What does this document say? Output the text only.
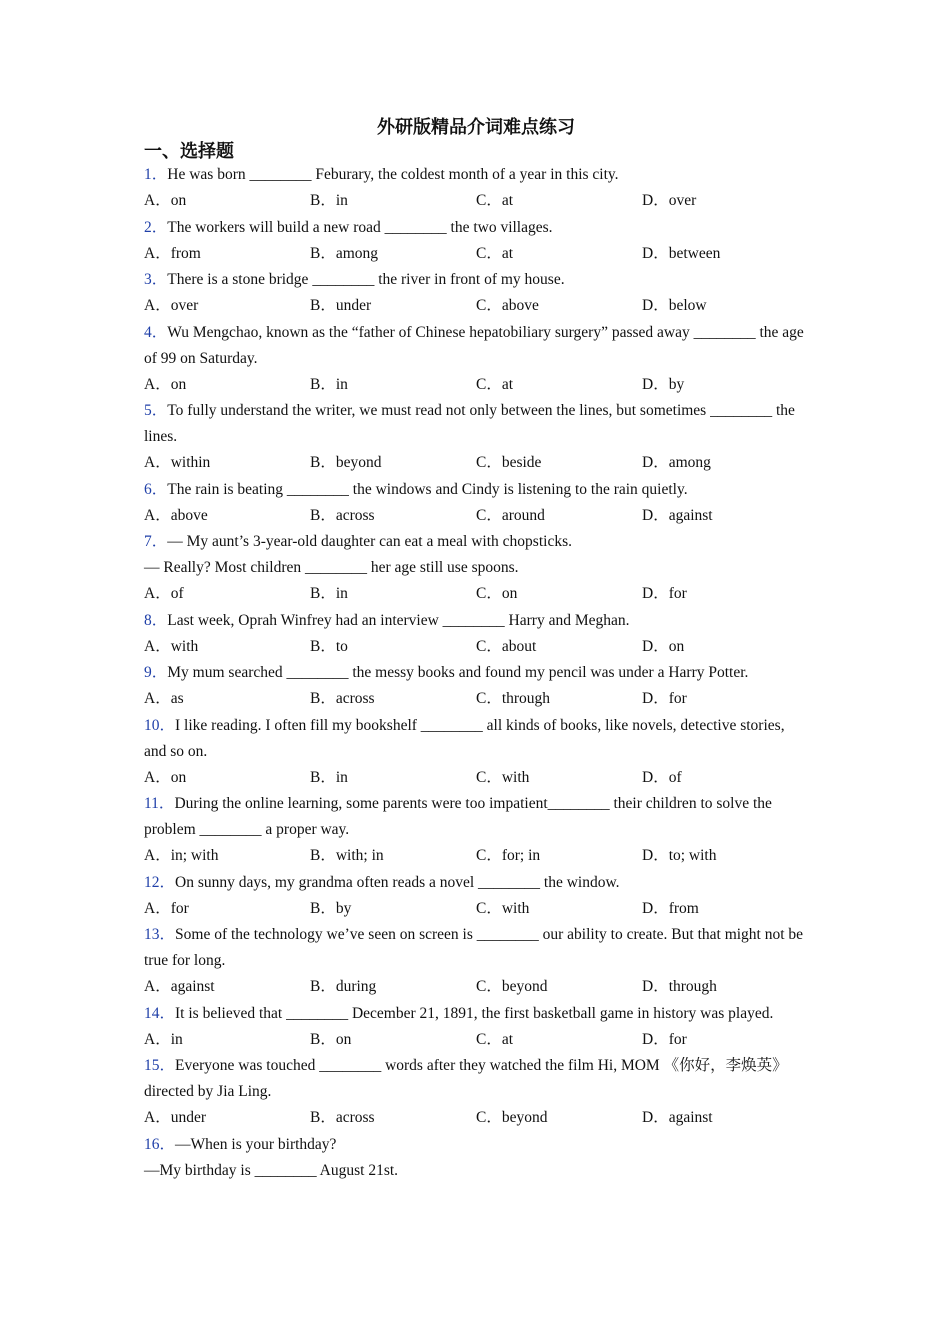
外研版精品介词难点练习
一、选择题

1．He was born ________ Feburary, the coldest month of a year in this city.

A．on	B．in	C．at	D．over

2．The workers will build a new road ________ the two villages.

A．from	B．among	C．at	D．between

3．There is a stone bridge ________ the river in front of my house.

A．over	B．under	C．above	D．below

4．Wu Mengchao, known as the “father of Chinese hepatobiliary surgery” passed away ________ the age of 99 on Saturday.

A．on	B．in	C．at	D．by

5．To fully understand the writer, we must read not only between the lines, but sometimes ________ the lines.

A．within	B．beyond	C．beside	D．among

6．The rain is beating ________ the windows and Cindy is listening to the rain quietly.

A．above	B．across	C．around	D．against

7．— My aunt’s 3-year-old daughter can eat a meal with chopsticks.

— Really? Most children ________ her age still use spoons.

A．of	B．in	C．on	D．for

8．Last week, Oprah Winfrey had an interview ________ Harry and Meghan.

A．with	B．to	C．about	D．on

9．My mum searched ________ the messy books and found my pencil was under a Harry Potter.

A．as	B．across	C．through	D．for

10．I like reading. I often fill my bookshelf ________ all kinds of books, like novels, detective stories, and so on.

A．on	B．in	C．with	D．of

11．During the online learning, some parents were too impatient________ their children to solve the problem ________ a proper way.

A．in; with	B．with; in	C．for; in	D．to; with

12．On sunny days, my grandma often reads a novel ________ the window.

A．for	B．by	C．with	D．from

13．Some of the technology we’ve seen on screen is ________ our ability to create. But that might not be true for long.

A．against	B．during	C．beyond	D．through

14．It is believed that ________ December 21, 1891, the first basketball game in history was played.

A．in	B．on	C．at	D．for

15．Everyone was touched ________ words after they watched the film Hi, MOM 《你好，李焕英》directed by Jia Ling.

A．under	B．across	C．beyond	D．against

16．—When is your birthday?

—My birthday is ________ August 21st.
